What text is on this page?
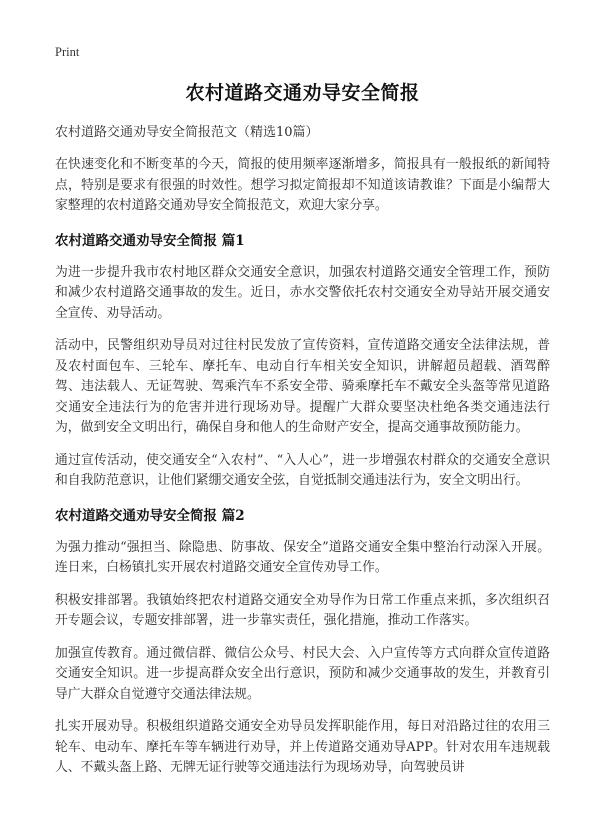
Print
农村道路交通劝导安全简报

农村道路交通劝导安全简报范文（精选10篇）

在快速变化和不断变革的今天，简报的使用频率逐渐增多，简报具有一般报纸的新闻特点，特别是要求有很强的时效性。想学习拟定简报却不知道该请教谁？下面是小编帮大家整理的农村道路交通劝导安全简报范文，欢迎大家分享。

农村道路交通劝导安全简报 篇1

为进一步提升我市农村地区群众交通安全意识，加强农村道路交通安全管理工作，预防和减少农村道路交通事故的发生。近日，赤水交警依托农村交通安全劝导站开展交通安全宣传、劝导活动。

活动中，民警组织劝导员对过往村民发放了宣传资料，宣传道路交通安全法律法规，普及农村面包车、三轮车、摩托车、电动自行车相关安全知识，讲解超员超载、酒驾醉驾、违法载人、无证驾驶、驾乘汽车不系安全带、骑乘摩托车不戴安全头盔等常见道路交通安全违法行为的危害并进行现场劝导。提醒广大群众要坚决杜绝各类交通违法行为，做到安全文明出行，确保自身和他人的生命财产安全，提高交通事故预防能力。

通过宣传活动，使交通安全“入农村”、“入人心”，进一步增强农村群众的交通安全意识和自我防范意识，让他们紧绷交通安全弦，自觉抵制交通违法行为，安全文明出行。

农村道路交通劝导安全简报 篇2

为强力推动“强担当、除隐患、防事故、保安全”道路交通安全集中整治行动深入开展。连日来，白杨镇扎实开展农村道路交通安全宣传劝导工作。

积极安排部署。我镇始终把农村道路交通安全劝导作为日常工作重点来抓，多次组织召开专题会议，专题安排部署，进一步靠实责任，强化措施，推动工作落实。

加强宣传教育。通过微信群、微信公众号、村民大会、入户宣传等方式向群众宣传道路交通安全知识。进一步提高群众安全出行意识，预防和减少交通事故的发生，并教育引导广大群众自觉遵守交通法律法规。

扎实开展劝导。积极组织道路交通安全劝导员发挥职能作用，每日对沿路过往的农用三轮车、电动车、摩托车等车辆进行劝导，并上传道路交通劝导APP。针对农用车违规载人、不戴头盔上路、无牌无证行驶等交通违法行为现场劝导，向驾驶员讲
